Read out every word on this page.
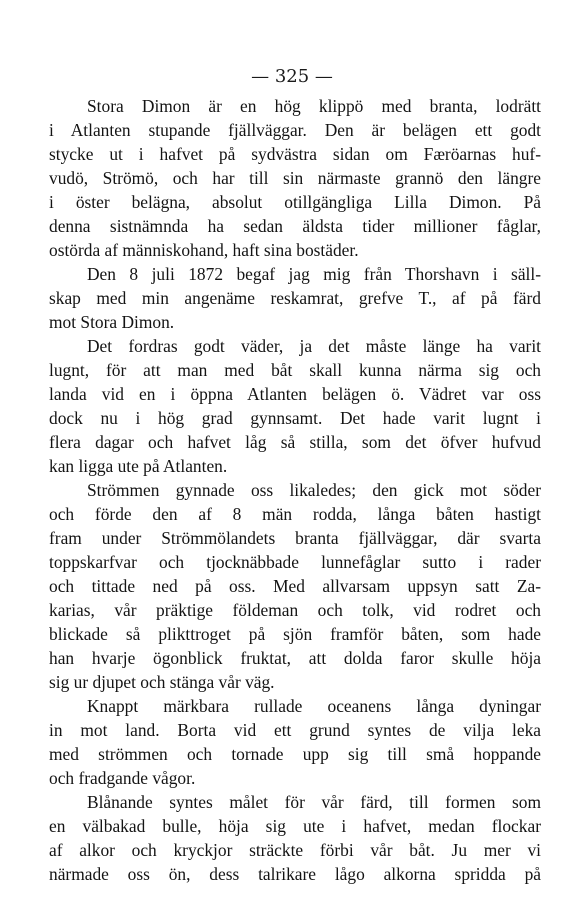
— 325 —
Stora Dimon är en hög klippö med branta, lodrätt
i Atlanten stupande fjällväggar. Den är belägen ett godt
stycke ut i hafvet på sydvästra sidan om Færöarnas huf-
vudö, Strömö, och har till sin närmaste grannö den längre
i öster belägna, absolut otillgängliga Lilla Dimon. På
denna sistnämnda ha sedan äldsta tider millioner fåglar,
ostörda af människohand, haft sina bostäder.
Den 8 juli 1872 begaf jag mig från Thorshavn i säll-
skap med min angenäme reskamrat, grefve T., af på färd
mot Stora Dimon.
Det fordras godt väder, ja det måste länge ha varit
lugnt, för att man med båt skall kunna närma sig och
landa vid en i öppna Atlanten belägen ö. Vädret var oss
dock nu i hög grad gynnsamt. Det hade varit lugnt i
flera dagar och hafvet låg så stilla, som det öfver hufvud
kan ligga ute på Atlanten.
Strömmen gynnade oss likaledes; den gick mot söder
och förde den af 8 män rodda, långa båten hastigt
fram under Strömmölandets branta fjällväggar, där svarta
toppskarfvar och tjocknäbbade lunnefåglar sutto i rader
och tittade ned på oss. Med allvarsam uppsyn satt Za-
karias, vår präktige földeman och tolk, vid rodret och
blickade så plikttroget på sjön framför båten, som hade
han hvarje ögonblick fruktat, att dolda faror skulle höja
sig ur djupet och stänga vår väg.
Knappt märkbara rullade oceanens långa dyningar
in mot land. Borta vid ett grund syntes de vilja leka
med strömmen och tornade upp sig till små hoppande
och fradgande vågor.
Blånande syntes målet för vår färd, till formen som
en välbakad bulle, höja sig ute i hafvet, medan flockar
af alkor och kryckjor sträckte förbi vår båt. Ju mer vi
närmade oss ön, dess talrikare lågo alkorna spridda på
